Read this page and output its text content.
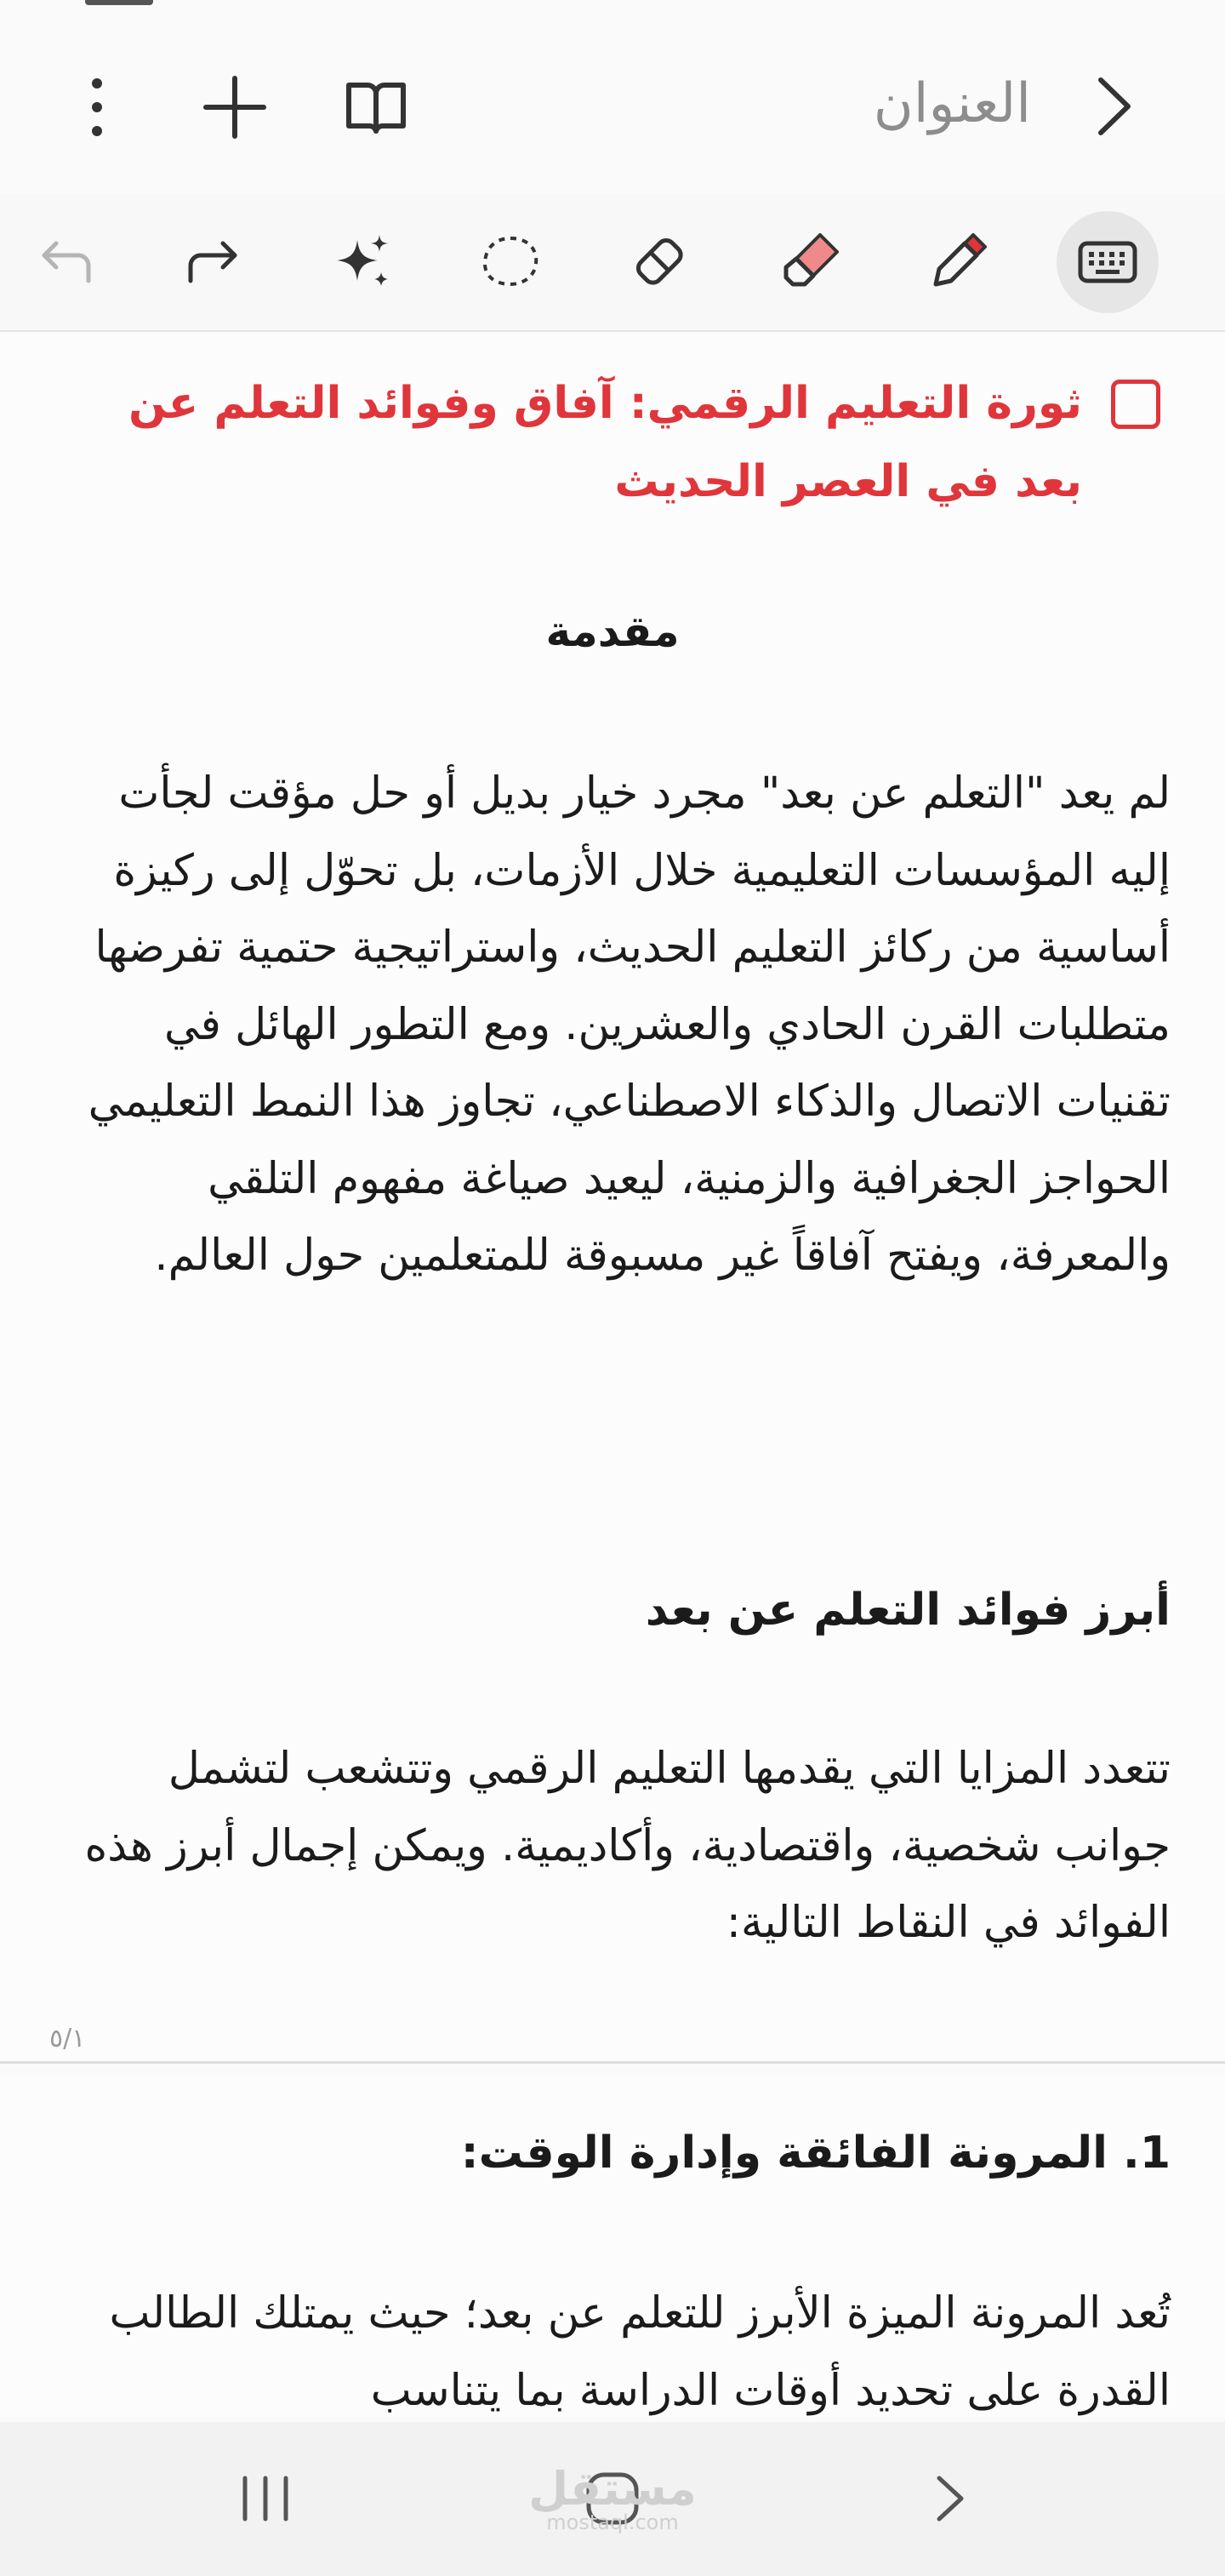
العنوان
ثورة التعليم الرقمي: آفاق وفوائد التعلم عن بعد في العصر الحديث
مقدمة
لم يعد "التعلم عن بعد" مجرد خيار بديل أو حل مؤقت لجأت إليه المؤسسات التعليمية خلال الأزمات، بل تحوّل إلى ركيزة أساسية من ركائز التعليم الحديث، واستراتيجية حتمية تفرضها متطلبات القرن الحادي والعشرين. ومع التطور الهائل في تقنيات الاتصال والذكاء الاصطناعي، تجاوز هذا النمط التعليمي الحواجز الجغرافية والزمنية، ليعيد صياغة مفهوم التلقي والمعرفة، ويفتح آفاقاً غير مسبوقة للمتعلمين حول العالم.
أبرز فوائد التعلم عن بعد
تتعدد المزايا التي يقدمها التعليم الرقمي وتتشعب لتشمل جوانب شخصية، واقتصادية، وأكاديمية. ويمكن إجمال أبرز هذه الفوائد في النقاط التالية:
٥/١
1. المرونة الفائقة وإدارة الوقت:
تُعد المرونة الميزة الأبرز للتعلم عن بعد؛ حيث يمتلك الطالب القدرة على تحديد أوقات الدراسة بما يتناسب
مستقل
mostaql.com
